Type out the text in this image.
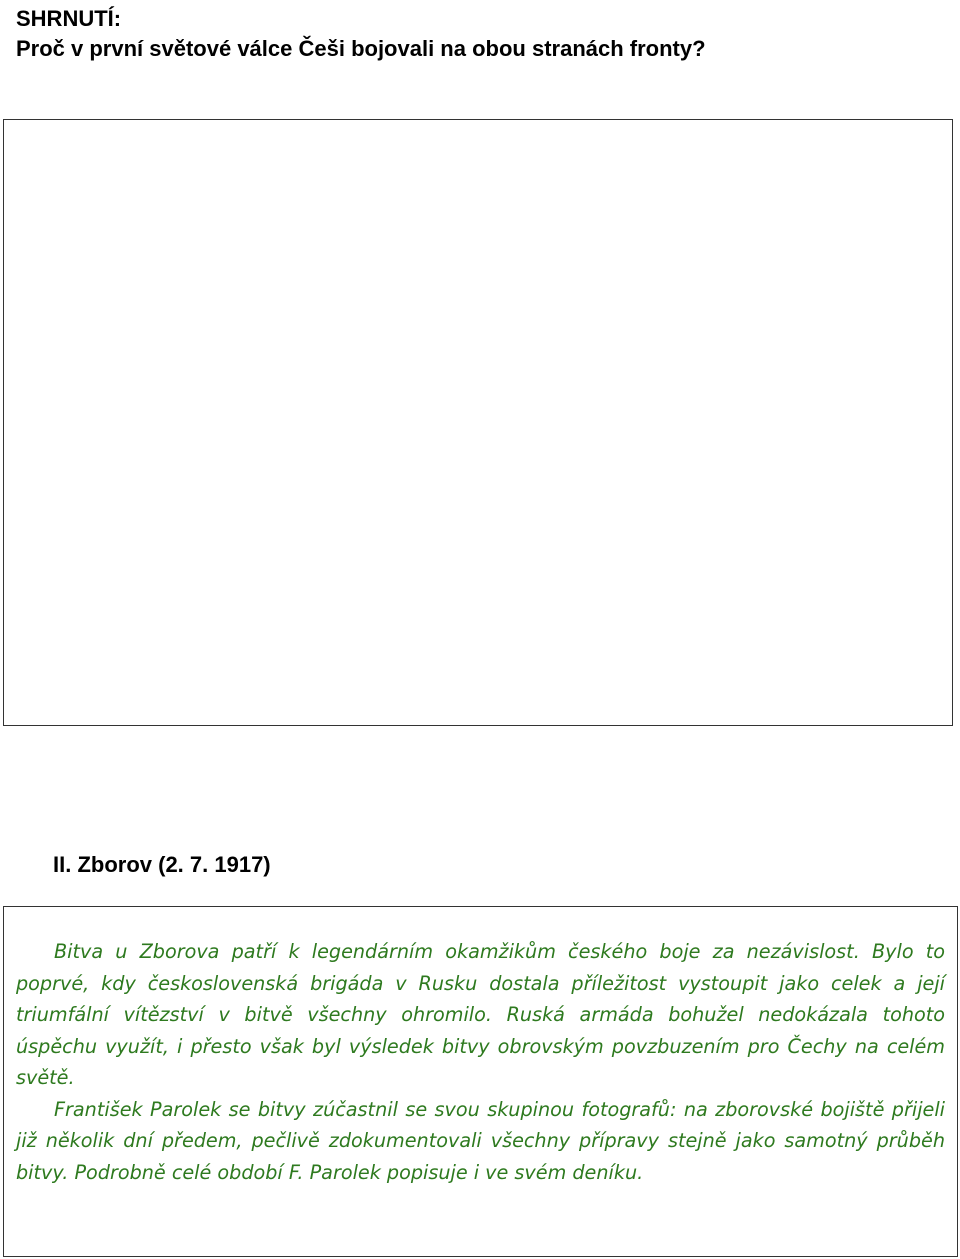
SHRNUTÍ:
Proč v první světové válce Češi bojovali na obou stranách fronty?
II. Zborov (2. 7. 1917)

Bitva u Zborova patří k legendárním okamžikům českého boje za nezávislost. Bylo to poprvé, kdy československá brigáda v Rusku dostala příležitost vystoupit jako celek a její triumfální vítězství v bitvě všechny ohromilo. Ruská armáda bohužel nedokázala tohoto úspěchu využít, i přesto však byl výsledek bitvy obrovským povzbuzením pro Čechy na celém světě.

František Parolek se bitvy zúčastnil se svou skupinou fotografů: na zborovské bojiště přijeli již několik dní předem, pečlivě zdokumentovali všechny přípravy stejně jako samotný průběh bitvy. Podrobně celé období F. Parolek popisuje i ve svém deníku.
